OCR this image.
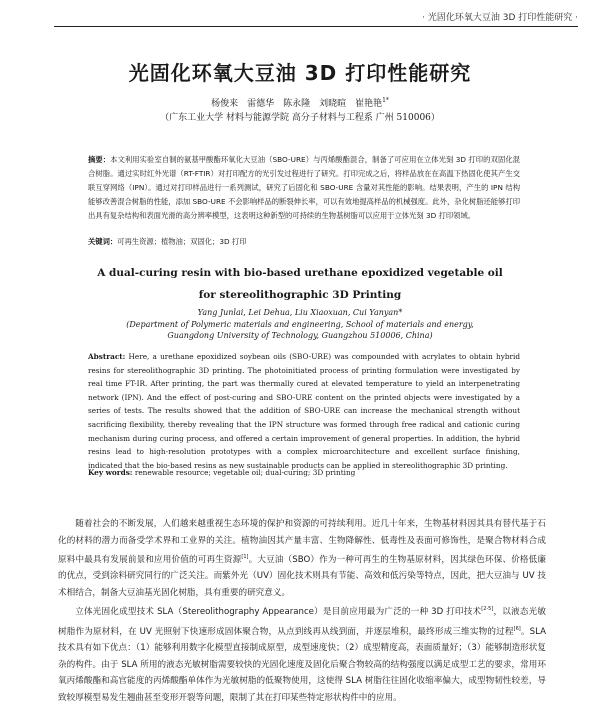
· 光固化环氧大豆油 3D 打印性能研究 ·
光固化环氧大豆油 3D 打印性能研究
杨俊来　雷德华　陈永隆　刘晓暄　崔艳艳$^{1*}$
（广东工业大学 材料与能源学院 高分子材料与工程系 广州 510006）
摘要：本文利用实验室自制的氨基甲酸酯环氧化大豆油（SBO-URE）与丙烯酸酯混合，制备了可应用在立体光刻 3D 打印的双固化混合树脂。通过实时红外光谱（RT-FTIR）对打印配方的光引发过程进行了研究。打印完成之后，将样品放在在高温下热固化使其产生交联互穿网络（IPN）。通过对打印样品进行一系列测试，研究了后固化和 SBO-URE 含量对其性能的影响。结果表明，产生的 IPN 结构能够改善混合树脂的性能，添加 SBO-URE 不会影响样品的断裂伸长率，可以有效地提高样品的机械强度。此外，杂化树脂还能够打印出具有复杂结构和表面光滑的高分辨率模型，这表明这种新型的可持续的生物基树脂可以应用于立体光刻 3D 打印领域。
关键词：可再生资源；植物油；双固化；3D 打印
A dual-curing resin with bio-based urethane epoxidized vegetable oil
for stereolithographic 3D Printing
Yang Junlai, Lei Dehua, Liu Xiaoxuan, Cui Yanyan*
(Department of Polymeric materials and engineering, School of materials and energy,
Guangdong University of Technology, Guangzhou 510006, China)
Abstract: Here, a urethane epoxidized soybean oils (SBO-URE) was compounded with acrylates to obtain hybrid resins for stereolithographic 3D printing. The photoinitiated process of printing formulation were investigated by real time FT-IR. After printing, the part was thermally cured at elevated temperature to yield an interpenetrating network (IPN). And the effect of post-curing and SBO-URE content on the printed objects were investigated by a series of tests. The results showed that the addition of SBO-URE can increase the mechanical strength without sacrificing flexibility, thereby revealing that the IPN structure was formed through free radical and cationic curing mechanism during curing process, and offered a certain improvement of general properties. In addition, the hybrid resins lead to high-resolution prototypes with a complex microarchitecture and excellent surface finishing, indicated that the bio-based resins as new sustainable products can be applied in stereolithographic 3D printing.
Key words: renewable resource; vegetable oil; dual-curing; 3D printing

随着社会的不断发展，人们越来越重视生态环境的保护和资源的可持续利用。近几十年来，生物基材料因其具有替代基于石化的材料的潜力而备受学术界和工业界的关注。植物油因其产量丰富、生物降解性、低毒性及表面可修饰性，是聚合物材料合成原料中最具有发展前景和应用价值的可再生资源[1]。大豆油（SBO）作为一种可再生的生物基原材料，因其绿色环保、价格低廉的优点，受到涂料研究同行的广泛关注。而紫外光（UV）固化技术则具有节能、高效和低污染等特点，因此，把大豆油与 UV 技术相结合，制备大豆油基光固化树脂，具有重要的研究意义。

立体光固化成型技术 SLA（Stereolithography Appearance）是目前应用最为广泛的一种 3D 打印技术[2-5]，以液态光敏树脂作为原材料，在 UV 光照射下快速形成固体聚合物，从点到线再从线到面，并逐层堆积，最终形成三维实物的过程[6]。SLA 技术具有如下优点：（1）能够利用数字化模型直接制成原型，成型速度快；（2）成型精度高，表面质量好；（3）能够制造形状复杂的构件。由于 SLA 所用的液态光敏树脂需要较快的光固化速度及固化后聚合物较高的结构强度以满足成型工艺的要求，常用环氧丙烯酸酯和高官能度的丙烯酸酯单体作为光敏树脂的低聚物使用，这使得 SLA 树脂往往固化收缩率偏大，成型物韧性较差，导致较厚模型易发生翘曲甚至变形开裂等问题，限制了其在打印某些特定形状构件中的应用。
